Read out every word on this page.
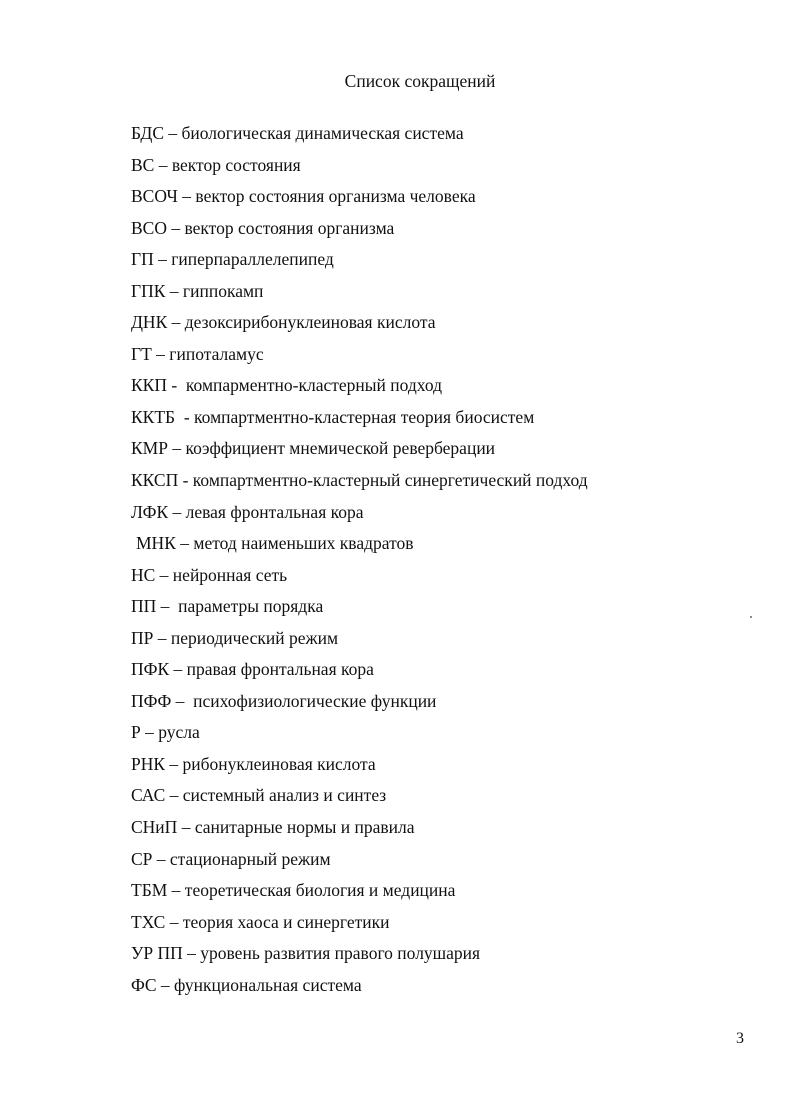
Список сокращений
БДС – биологическая динамическая система
ВС – вектор состояния
ВСОЧ – вектор состояния организма человека
ВСО – вектор состояния организма
ГП – гиперпараллелепипед
ГПК – гиппокамп
ДНК – дезоксирибонуклеиновая кислота
ГТ – гипоталамус
ККП -  компарментно-кластерный подход
ККТБ  - компартментно-кластерная теория биосистем
КМР – коэффициент мнемической реверберации
ККСП - компартментно-кластерный синергетический подход
ЛФК – левая фронтальная кора
МНК – метод наименьших квадратов
НС – нейронная сеть
ПП –  параметры порядка
ПР – периодический режим
ПФК – правая фронтальная кора
ПФФ –  психофизиологические функции
Р – русла
РНК – рибонуклеиновая кислота
САС – системный анализ и синтез
СНиП – санитарные нормы и правила
СР – стационарный режим
ТБМ – теоретическая биология и медицина
ТХС – теория хаоса и синергетики
УР ПП – уровень развития правого полушария
ФС – функциональная система
3
